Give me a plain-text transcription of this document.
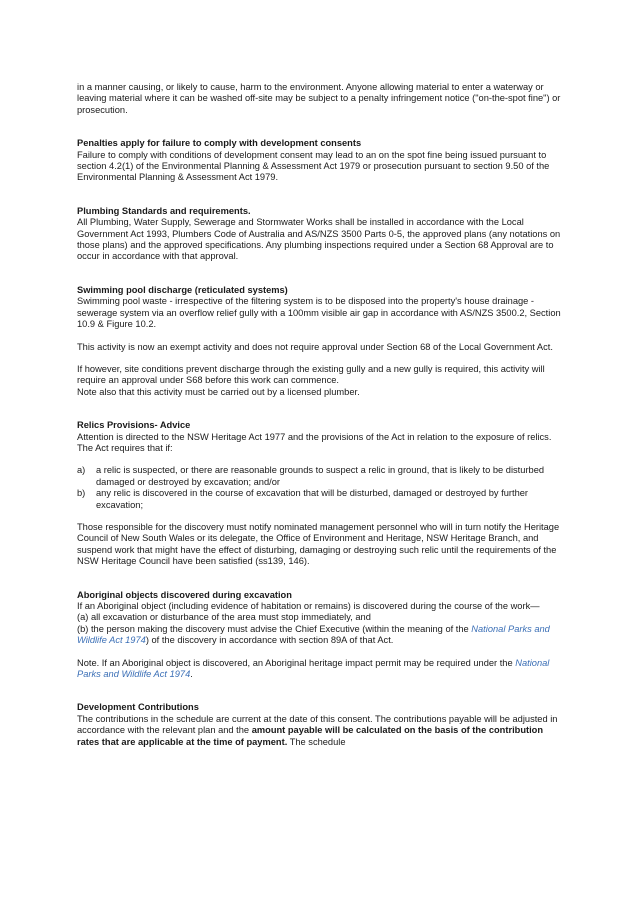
in a manner causing, or likely to cause, harm to the environment. Anyone allowing material to enter a waterway or leaving material where it can be washed off-site may be subject to a penalty infringement notice ("on-the-spot fine") or prosecution.

Penalties apply for failure to comply with development consents

Failure to comply with conditions of development consent may lead to an on the spot fine being issued pursuant to section 4.2(1) of the Environmental Planning & Assessment Act 1979 or prosecution pursuant to section 9.50 of the Environmental Planning & Assessment Act 1979.

Plumbing Standards and requirements.

All Plumbing, Water Supply, Sewerage and Stormwater Works shall be installed in accordance with the Local Government Act 1993, Plumbers Code of Australia and AS/NZS 3500 Parts 0-5, the approved plans (any notations on those plans) and the approved specifications. Any plumbing inspections required under a Section 68 Approval are to occur in accordance with that approval.

Swimming pool discharge (reticulated systems)

Swimming pool waste - irrespective of the filtering system is to be disposed into the property's house drainage - sewerage system via an overflow relief gully with a 100mm visible air gap in accordance with AS/NZS 3500.2, Section 10.9 & Figure 10.2.

This activity is now an exempt activity and does not require approval under Section 68 of the Local Government Act.

If however, site conditions prevent discharge through the existing gully and a new gully is required, this activity will require an approval under S68 before this work can commence.

Note also that this activity must be carried out by a licensed plumber.

Relics Provisions- Advice

Attention is directed to the NSW Heritage Act 1977 and the provisions of the Act in relation to the exposure of relics. The Act requires that if:

a)	a relic is suspected, or there are reasonable grounds to suspect a relic in ground, that is likely to be disturbed damaged or destroyed by excavation; and/or
b)	any relic is discovered in the course of excavation that will be disturbed, damaged or destroyed by further excavation;

Those responsible for the discovery must notify nominated management personnel who will in turn notify the Heritage Council of New South Wales or its delegate, the Office of Environment and Heritage, NSW Heritage Branch, and suspend work that might have the effect of disturbing, damaging or destroying such relic until the requirements of the NSW Heritage Council have been satisfied (ss139, 146).

Aboriginal objects discovered during excavation

If an Aboriginal object (including evidence of habitation or remains) is discovered during the course of the work—

(a) all excavation or disturbance of the area must stop immediately, and

(b) the person making the discovery must advise the Chief Executive (within the meaning of the National Parks and Wildlife Act 1974) of the discovery in accordance with section 89A of that Act.

Note. If an Aboriginal object is discovered, an Aboriginal heritage impact permit may be required under the National Parks and Wildlife Act 1974.

Development Contributions

The contributions in the schedule are current at the date of this consent. The contributions payable will be adjusted in accordance with the relevant plan and the amount payable will be calculated on the basis of the contribution rates that are applicable at the time of payment. The schedule
